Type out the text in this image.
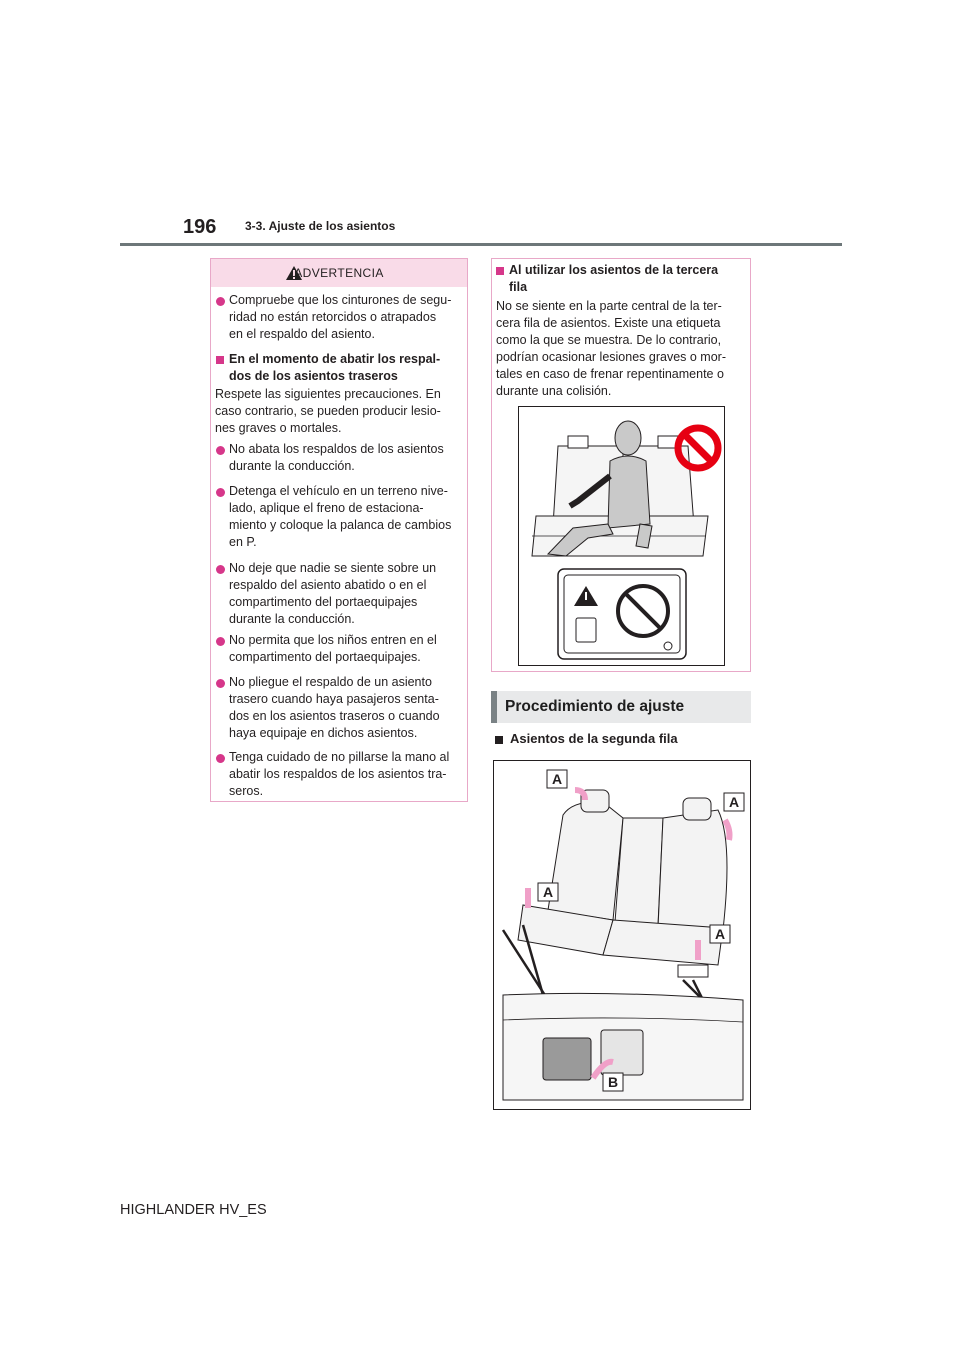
196 3-3. Ajuste de los asientos
ADVERTENCIA
Compruebe que los cinturones de segu-
ridad no están retorcidos o atrapados
en el respaldo del asiento.
En el momento de abatir los respal-
dos de los asientos traseros
Respete las siguientes precauciones. En
caso contrario, se pueden producir lesio-
nes graves o mortales.
No abata los respaldos de los asientos
durante la conducción.
Detenga el vehículo en un terreno nive-
lado, aplique el freno de estaciona-
miento y coloque la palanca de cambios
en P.
No deje que nadie se siente sobre un
respaldo del asiento abatido o en el
compartimento del portaequipajes
durante la conducción.
No permita que los niños entren en el
compartimento del portaequipajes.
No pliegue el respaldo de un asiento
trasero cuando haya pasajeros senta-
dos en los asientos traseros o cuando
haya equipaje en dichos asientos.
Tenga cuidado de no pillarse la mano al
abatir los respaldos de los asientos tra-
seros.
Al utilizar los asientos de la tercera
fila
No se siente en la parte central de la ter-
cera fila de asientos. Existe una etiqueta
como la que se muestra. De lo contrario,
podrían ocasionar lesiones graves o mor-
tales en caso de frenar repentinamente o
durante una colisión.
Procedimiento de ajuste
Asientos de la segunda fila
A
A
A
A
B
HIGHLANDER HV_ES
